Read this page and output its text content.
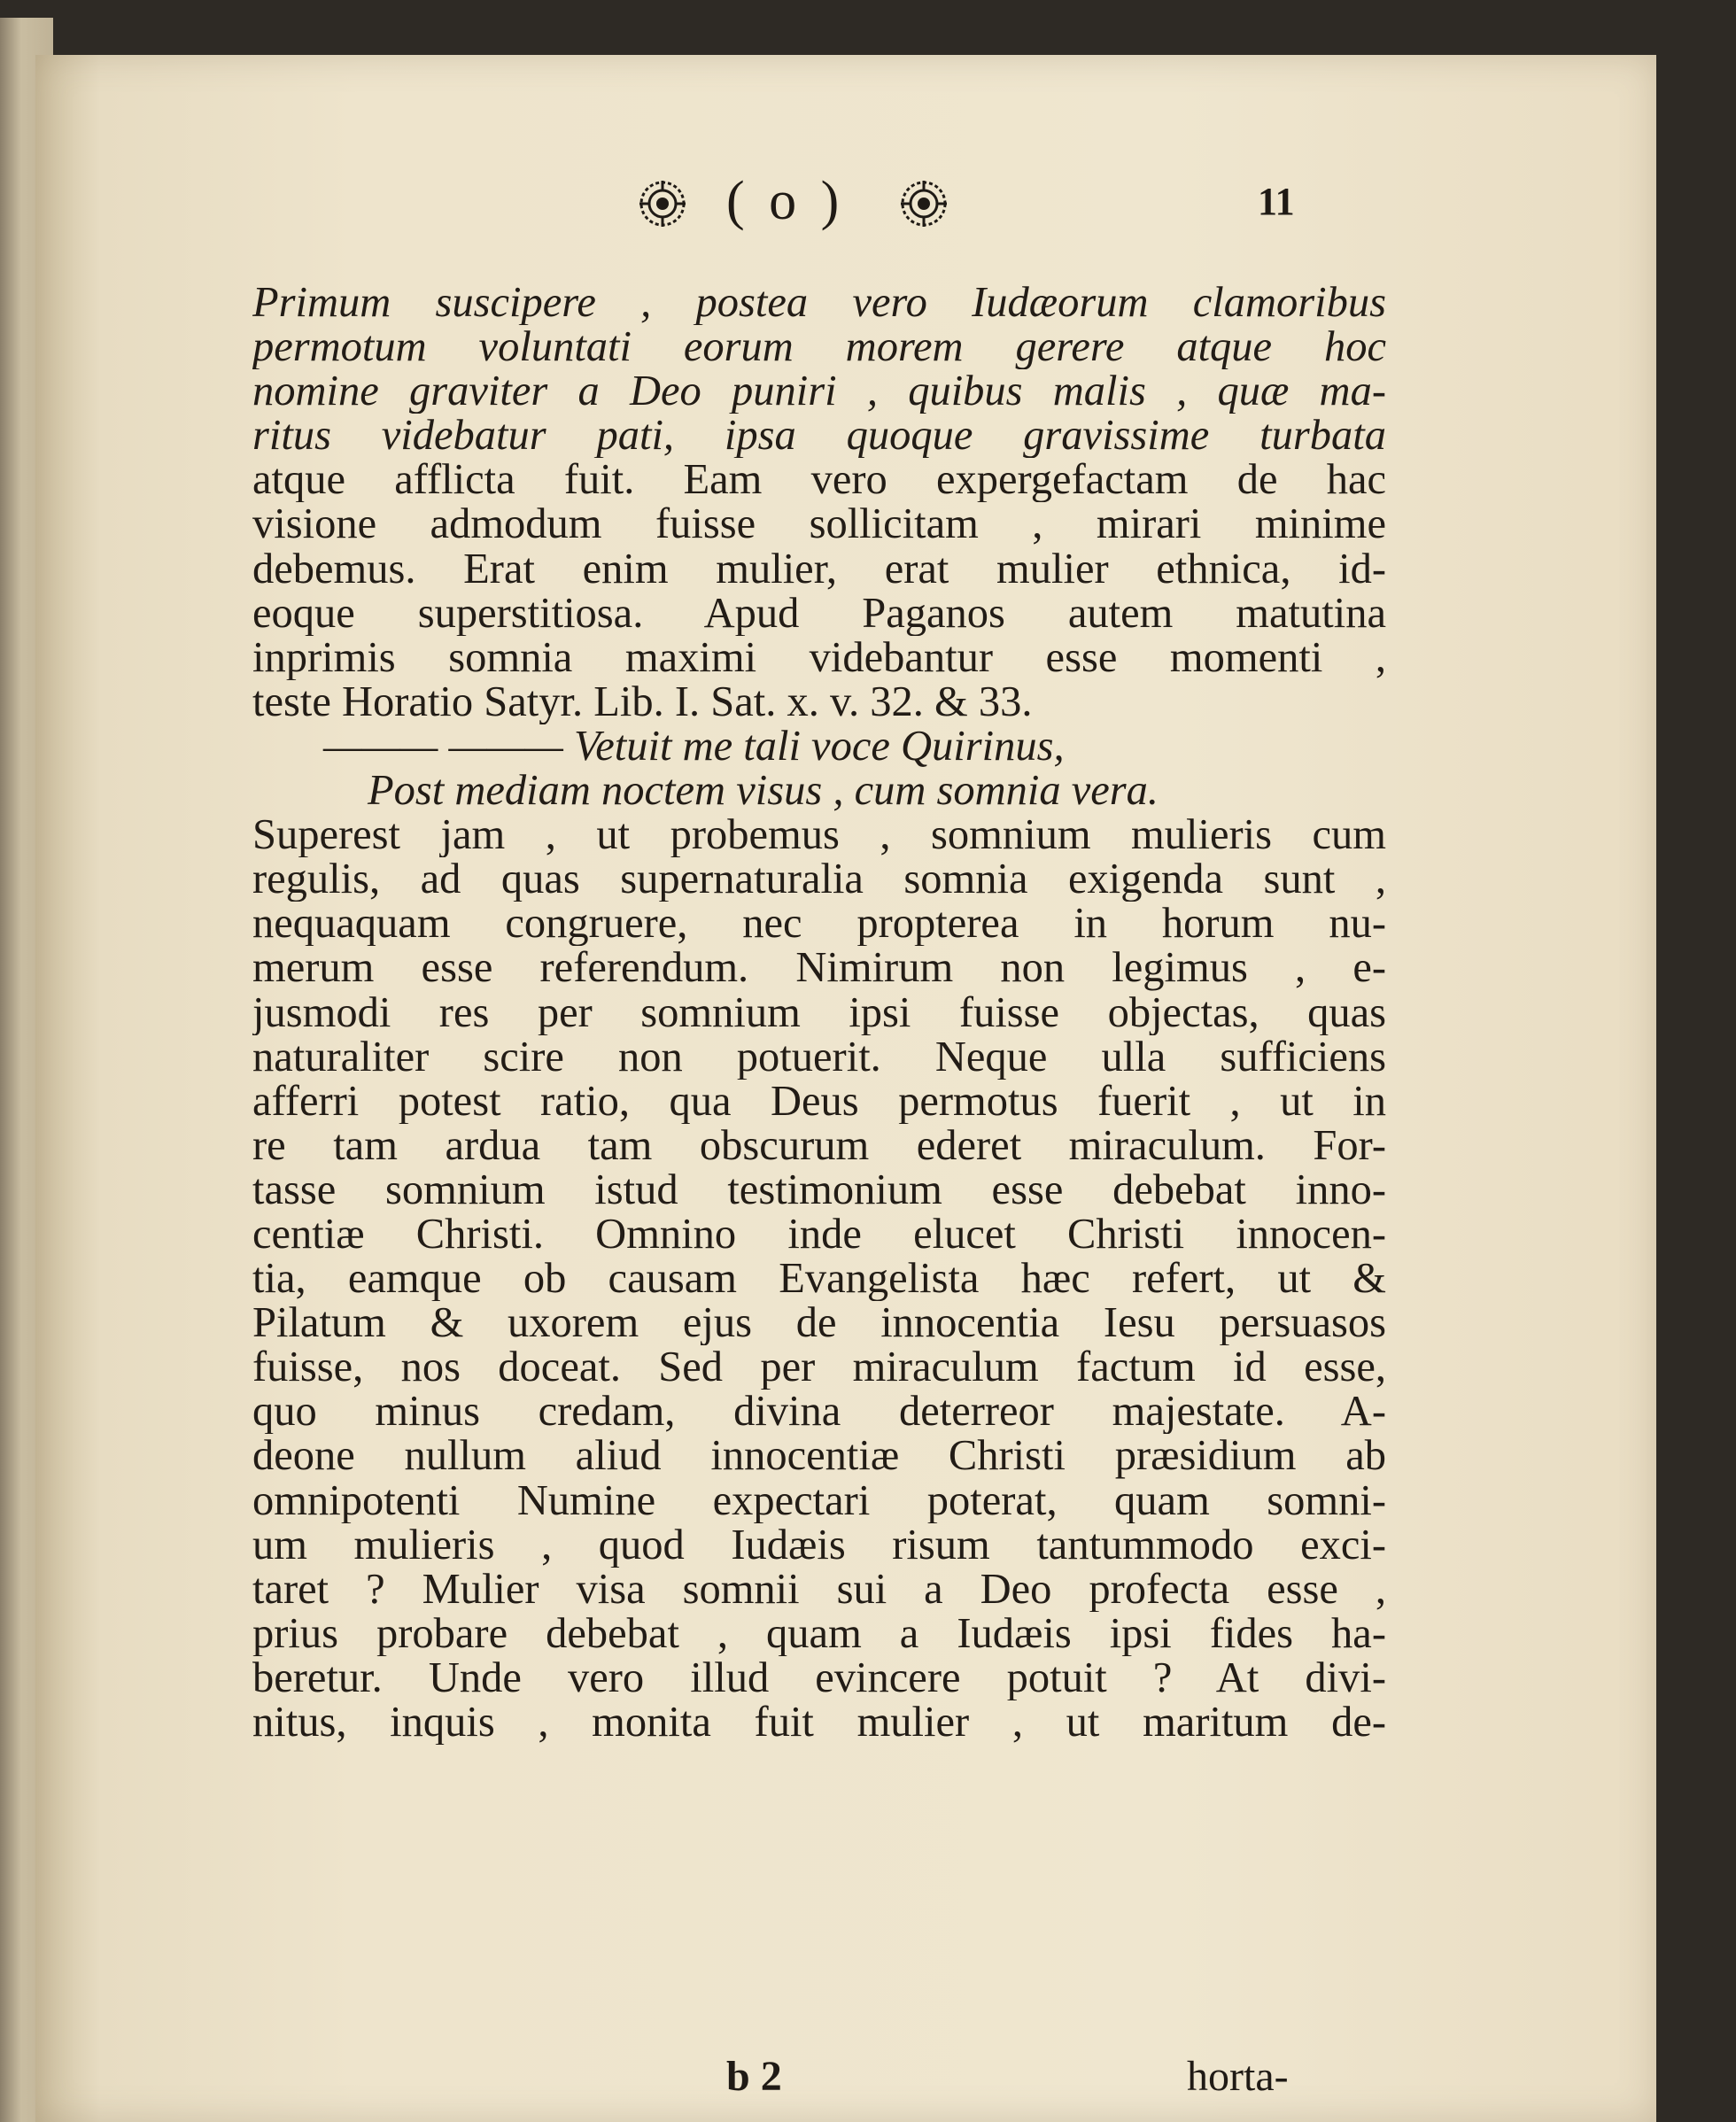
( o )	11
Primum suscipere , postea vero Iudæorum clamoribus
permotum voluntati eorum morem gerere atque hoc
nomine graviter a Deo puniri , quibus malis , quæ ma-
ritus videbatur pati, ipsa quoque gravissime turbata
atque afflicta fuit. Eam vero expergefactam de hac
visione admodum fuisse sollicitam , mirari minime
debemus. Erat enim mulier, erat mulier ethnica, id-
eoque superstitiosa. Apud Paganos autem matutina
inprimis somnia maximi videbantur esse momenti ,
teste Horatio Satyr. Lib. I. Sat. x. v. 32. & 33.
——— ——— Vetuit me tali voce Quirinus,
Post mediam noctem visus , cum somnia vera.
Superest jam , ut probemus , somnium mulieris cum
regulis, ad quas supernaturalia somnia exigenda sunt ,
nequaquam congruere, nec propterea in horum nu-
merum esse referendum. Nimirum non legimus , e-
jusmodi res per somnium ipsi fuisse objectas, quas
naturaliter scire non potuerit. Neque ulla sufficiens
afferri potest ratio, qua Deus permotus fuerit , ut in
re tam ardua tam obscurum ederet miraculum. For-
tasse somnium istud testimonium esse debebat inno-
centiæ Christi. Omnino inde elucet Christi innocen-
tia, eamque ob causam Evangelista hæc refert, ut &
Pilatum & uxorem ejus de innocentia Iesu persuasos
fuisse, nos doceat. Sed per miraculum factum id esse,
quo minus credam, divina deterreor majestate. A-
deone nullum aliud innocentiæ Christi præsidium ab
omnipotenti Numine expectari poterat, quam somni-
um mulieris , quod Iudæis risum tantummodo exci-
taret ? Mulier visa somnii sui a Deo profecta esse ,
prius probare debebat , quam a Iudæis ipsi fides ha-
beretur. Unde vero illud evincere potuit ? At divi-
nitus, inquis , monita fuit mulier , ut maritum de-
b 2	horta-
